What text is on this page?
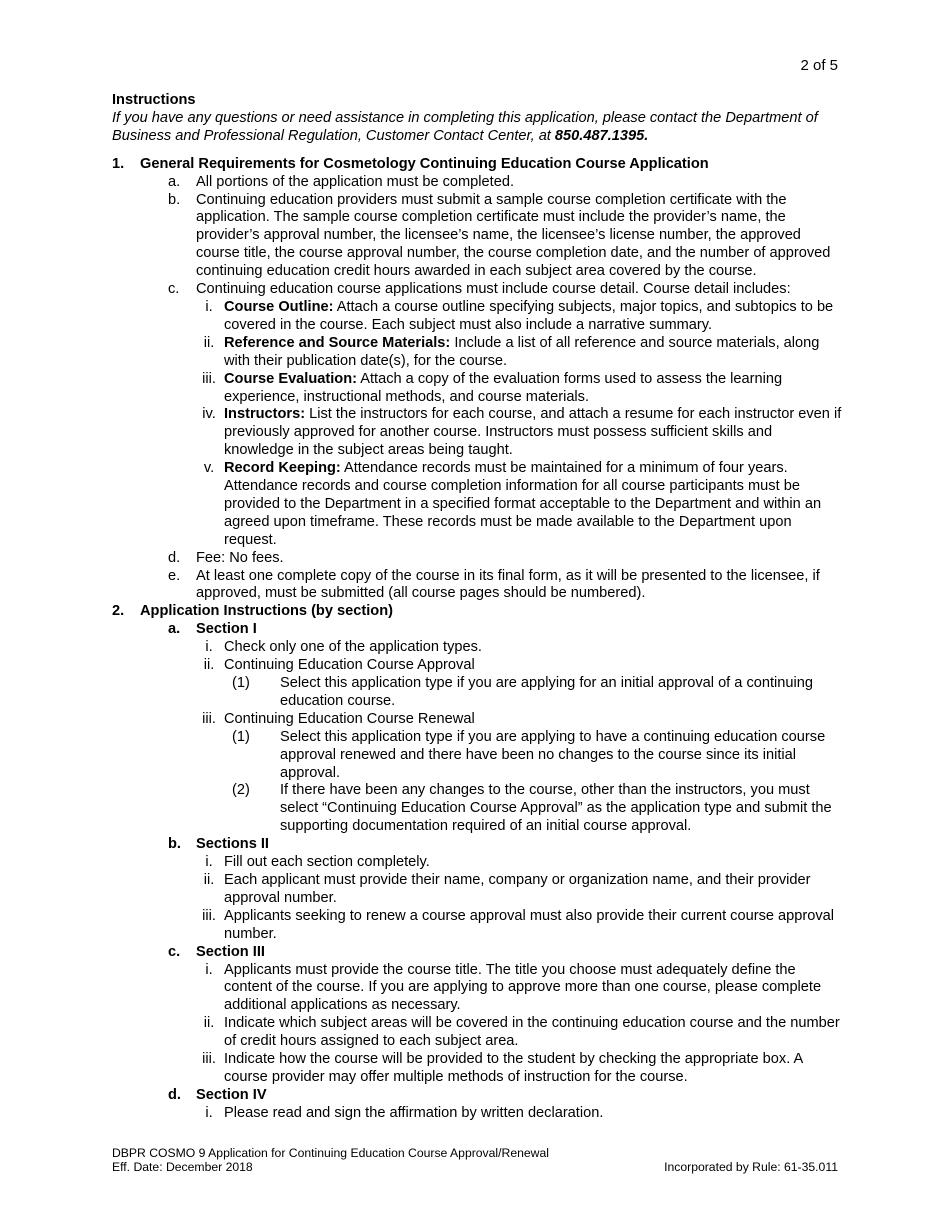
2 of 5
Instructions
If you have any questions or need assistance in completing this application, please contact the Department of Business and Professional Regulation, Customer Contact Center, at 850.487.1395.
1.	General Requirements for Cosmetology Continuing Education Course Application
a.	All portions of the application must be completed.
b.	Continuing education providers must submit a sample course completion certificate with the application. The sample course completion certificate must include the provider’s name, the provider’s approval number, the licensee’s name, the licensee’s license number, the approved course title, the course approval number, the course completion date, and the number of approved continuing education credit hours awarded in each subject area covered by the course.
c.	Continuing education course applications must include course detail. Course detail includes:
i. Course Outline: Attach a course outline specifying subjects, major topics, and subtopics to be covered in the course. Each subject must also include a narrative summary.
ii. Reference and Source Materials: Include a list of all reference and source materials, along with their publication date(s), for the course.
iii. Course Evaluation: Attach a copy of the evaluation forms used to assess the learning experience, instructional methods, and course materials.
iv. Instructors: List the instructors for each course, and attach a resume for each instructor even if previously approved for another course. Instructors must possess sufficient skills and knowledge in the subject areas being taught.
v. Record Keeping: Attendance records must be maintained for a minimum of four years. Attendance records and course completion information for all course participants must be provided to the Department in a specified format acceptable to the Department and within an agreed upon timeframe. These records must be made available to the Department upon request.
d.	Fee: No fees.
e.	At least one complete copy of the course in its final form, as it will be presented to the licensee, if approved, must be submitted (all course pages should be numbered).
2.	Application Instructions (by section)
a.	Section I
i. Check only one of the application types.
ii. Continuing Education Course Approval
(1)	Select this application type if you are applying for an initial approval of a continuing education course.
iii. Continuing Education Course Renewal
(1)	Select this application type if you are applying to have a continuing education course approval renewed and there have been no changes to the course since its initial approval.
(2)	If there have been any changes to the course, other than the instructors, you must select “Continuing Education Course Approval” as the application type and submit the supporting documentation required of an initial course approval.
b.	Sections II
i. Fill out each section completely.
ii. Each applicant must provide their name, company or organization name, and their provider approval number.
iii. Applicants seeking to renew a course approval must also provide their current course approval number.
c.	Section III
i. Applicants must provide the course title. The title you choose must adequately define the content of the course. If you are applying to approve more than one course, please complete additional applications as necessary.
ii. Indicate which subject areas will be covered in the continuing education course and the number of credit hours assigned to each subject area.
iii. Indicate how the course will be provided to the student by checking the appropriate box. A course provider may offer multiple methods of instruction for the course.
d.	Section IV
i. Please read and sign the affirmation by written declaration.
DBPR COSMO 9 Application for Continuing Education Course Approval/Renewal
Eff. Date: December 2018	Incorporated by Rule: 61-35.011
